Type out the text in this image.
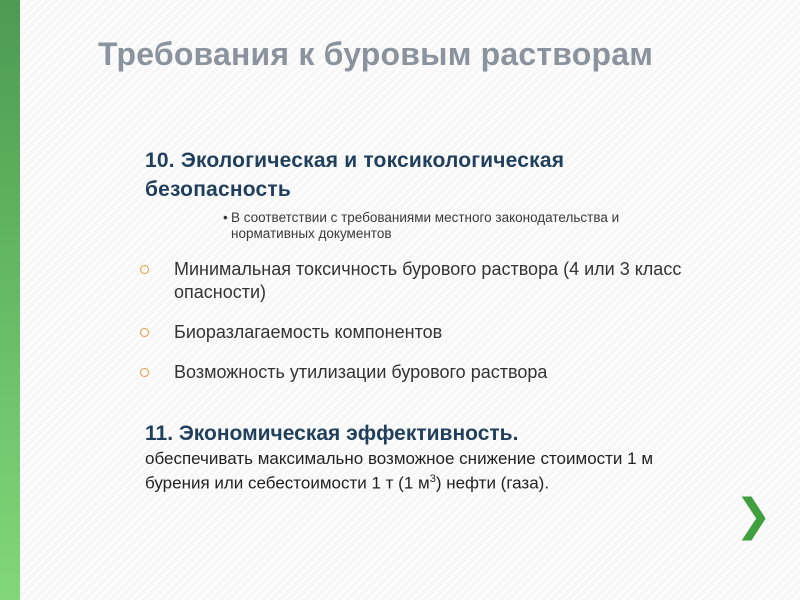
Требования к буровым растворам
10. Экологическая и токсикологическая безопасность
• В соответствии с требованиями местного законодательства и нормативных документов
Минимальная токсичность бурового раствора (4 или 3 класс опасности)
Биоразлагаемость компонентов
Возможность утилизации бурового раствора
11. Экономическая эффективность.
обеспечивать максимально возможное снижение стоимости 1 м бурения или себестоимости 1 т (1 $м^3$) нефти (газа).
❯
